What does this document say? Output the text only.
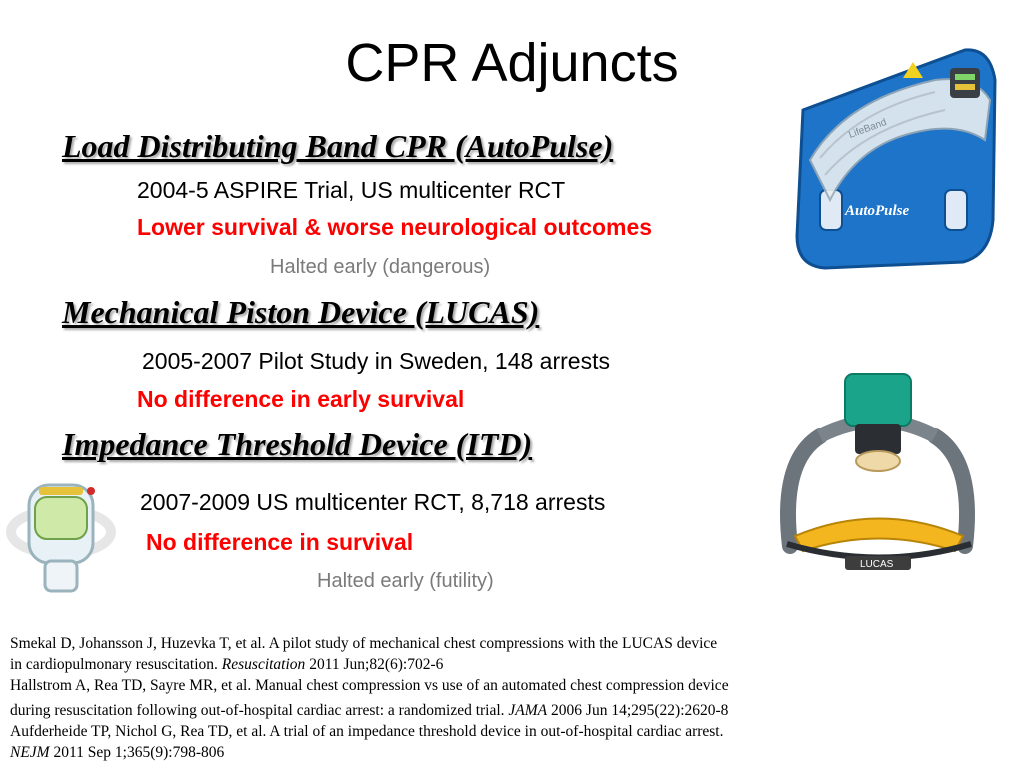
CPR Adjuncts
Load Distributing Band CPR (AutoPulse)
2004-5 ASPIRE Trial, US multicenter RCT
Lower survival & worse neurological outcomes
Halted early (dangerous)
Mechanical Piston Device (LUCAS)
2005-2007 Pilot Study in Sweden, 148 arrests
No difference in early survival
Impedance Threshold Device (ITD)
2007-2009 US multicenter RCT, 8,718 arrests
No difference in survival
Halted early (futility)
LifeBand
AutoPulse
LUCAS
Smekal D, Johansson J, Huzevka T, et al. A pilot study of mechanical chest compressions with the LUCAS device
in cardiopulmonary resuscitation. Resuscitation 2011 Jun;82(6):702-6
Hallstrom A, Rea TD, Sayre MR, et al. Manual chest compression vs use of an automated chest compression device
during resuscitation following out-of-hospital cardiac arrest: a randomized trial. JAMA 2006 Jun 14;295(22):2620-8
Aufderheide TP, Nichol G, Rea TD, et al. A trial of an impedance threshold device in out-of-hospital cardiac arrest.
NEJM 2011 Sep 1;365(9):798-806
